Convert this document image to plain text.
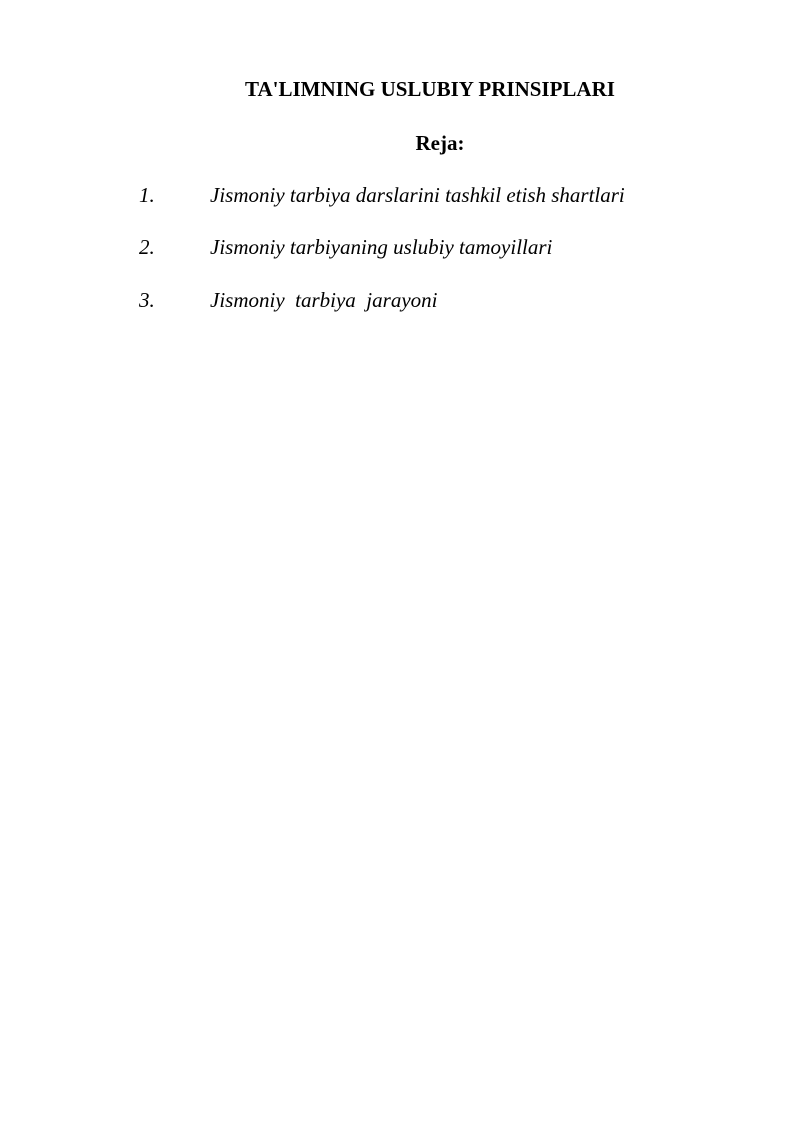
TA'LIMNING USLUBIY PRINSIPLARI
Reja:
1.	Jismoniy tarbiya darslarini tashkil etish shartlari
2.	Jismoniy tarbiyaning uslubiy tamoyillari
3.	Jismoniy  tarbiya  jarayoni
